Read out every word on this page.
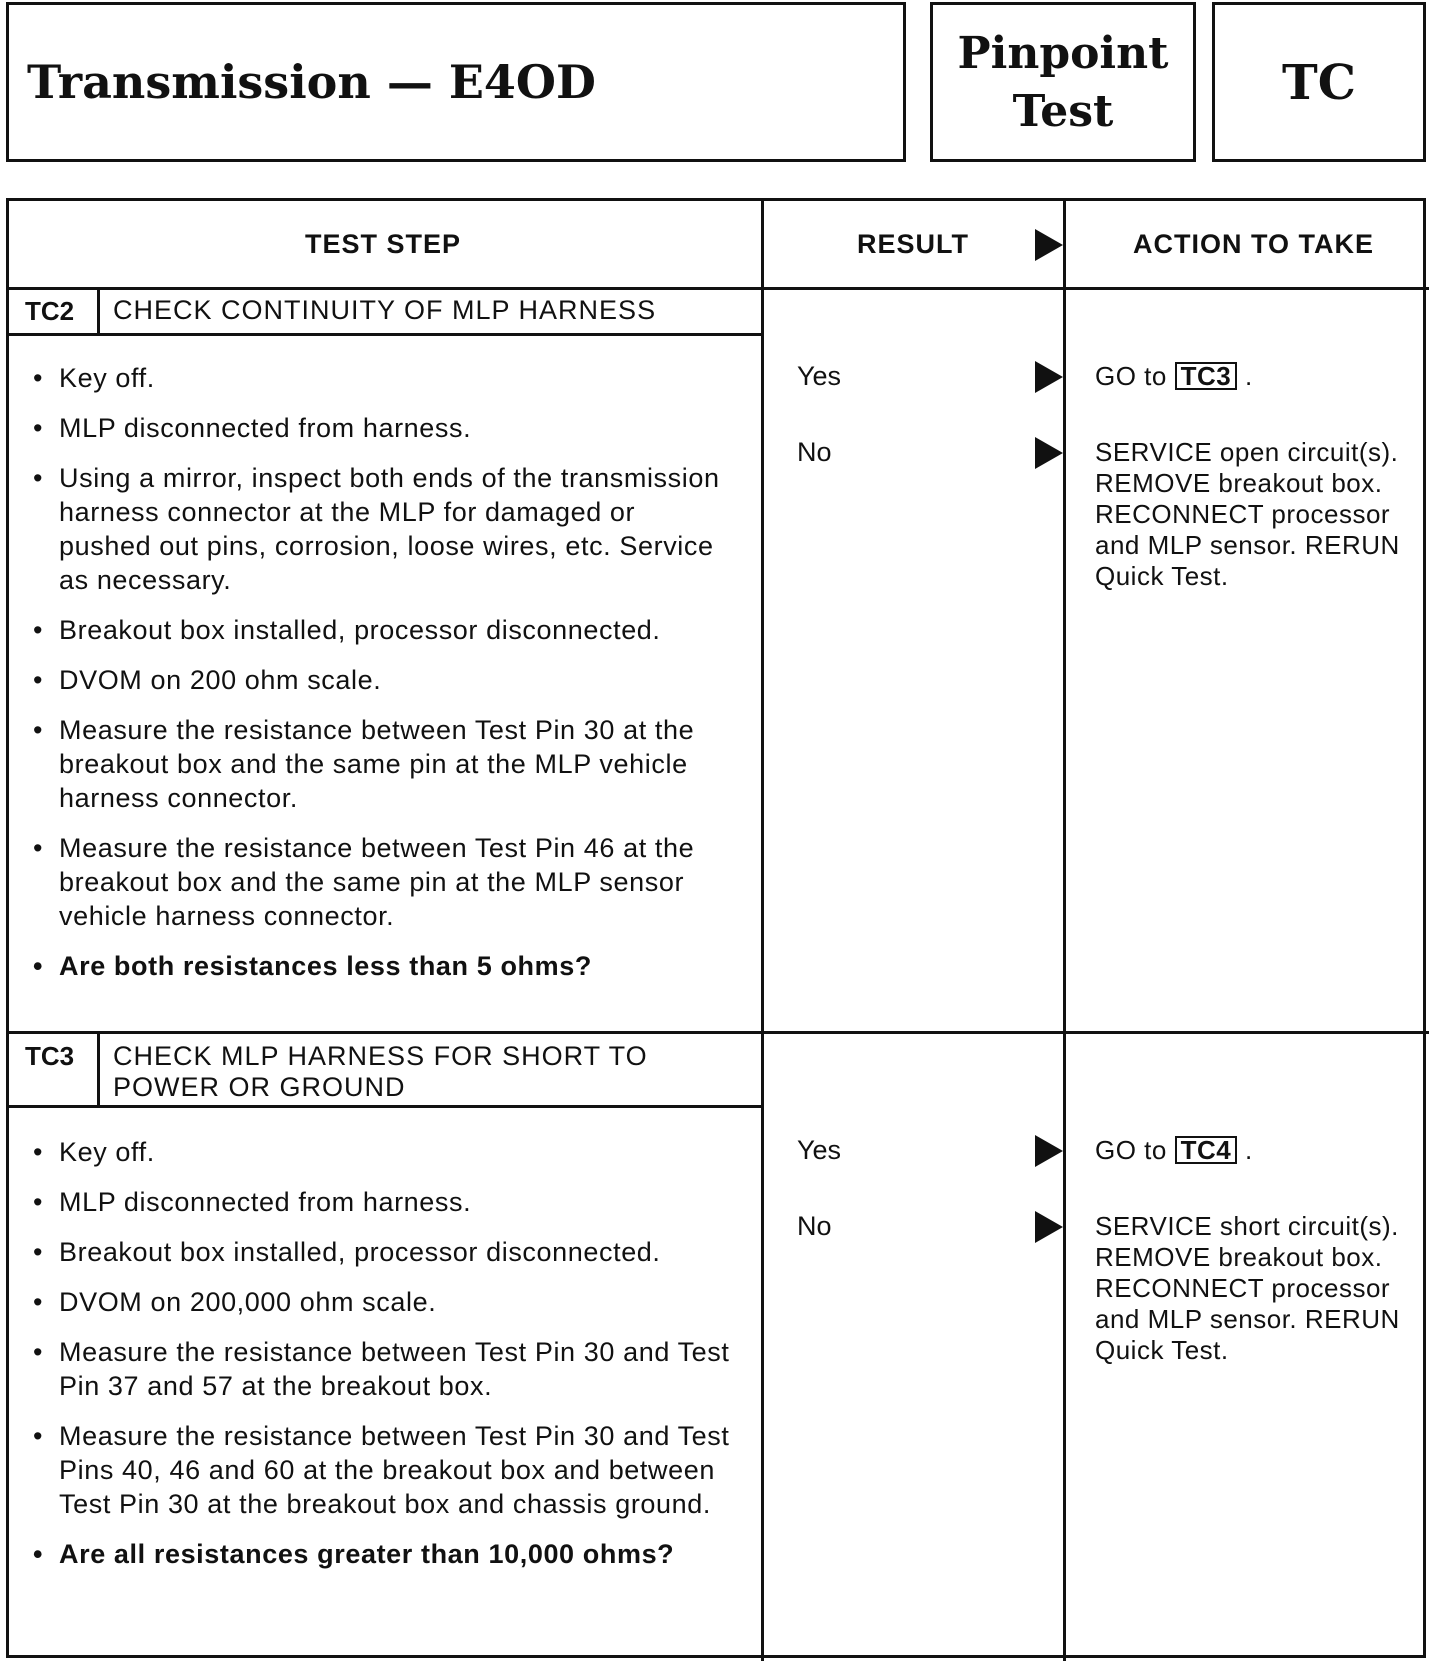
Transmission — E4OD
Pinpoint
Test
TC
TEST STEP	RESULT	ACTION TO TAKE
TC2 CHECK CONTINUITY OF MLP HARNESS
• Key off.
• MLP disconnected from harness.
• Using a mirror, inspect both ends of the transmission harness connector at the MLP for damaged or pushed out pins, corrosion, loose wires, etc. Service as necessary.
• Breakout box installed, processor disconnected.
• DVOM on 200 ohm scale.
• Measure the resistance between Test Pin 30 at the breakout box and the same pin at the MLP vehicle harness connector.
• Measure the resistance between Test Pin 46 at the breakout box and the same pin at the MLP sensor vehicle harness connector.
• Are both resistances less than 5 ohms?
Yes	GO to TC3 .
No	SERVICE open circuit(s). REMOVE breakout box. RECONNECT processor and MLP sensor. RERUN Quick Test.
TC3 CHECK MLP HARNESS FOR SHORT TO
POWER OR GROUND
• Key off.
• MLP disconnected from harness.
• Breakout box installed, processor disconnected.
• DVOM on 200,000 ohm scale.
• Measure the resistance between Test Pin 30 and Test Pin 37 and 57 at the breakout box.
• Measure the resistance between Test Pin 30 and Test Pins 40, 46 and 60 at the breakout box and between Test Pin 30 at the breakout box and chassis ground.
• Are all resistances greater than 10,000 ohms?
Yes	GO to TC4 .
No	SERVICE short circuit(s). REMOVE breakout box. RECONNECT processor and MLP sensor. RERUN Quick Test.
